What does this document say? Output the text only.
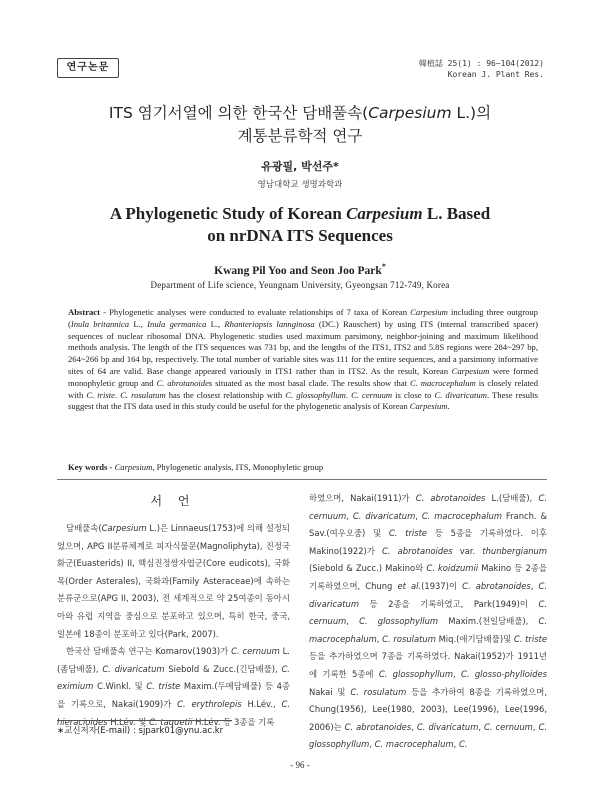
연구논문	韓植誌 25(1) : 96~104(2012)
Korean J. Plant Res.
ITS 염기서열에 의한 한국산 담배풀속(Carpesium L.)의
계통분류학적 연구
유광필, 박선주*
영남대학교 생명과학과
A Phylogenetic Study of Korean Carpesium L. Based
on nrDNA ITS Sequences
Kwang Pil Yoo and Seon Joo Park*
Department of Life science, Yeungnam University, Gyeongsan 712-749, Korea
Abstract - Phylogenetic analyses were conducted to evaluate relationships of 7 taxa of Korean Carpesium including three outgroup (Inula britannica L., Inula germanica L., Rhanteriopsis lannginosa (DC.) Rauschert) by using ITS (internal transcribed spacer) sequences of nuclear ribosomal DNA. Phylogenetic studies used maximum parsimony, neighbor-joining and maximum likelihood methods analysis. The length of the ITS sequences was 731 bp, and the lengths of the ITS1, ITS2 and 5.8S regions were 284~297 bp, 264~266 bp and 164 bp, respectively. The total number of variable sites was 111 for the entire sequences, and a parsimony informative sites of 64 are valid. Base change appeared variously in ITS1 rather than in ITS2. As the result, Korean Carpesium were formed monophyletic group and C. abrotanoides situated as the most basal clade. The results show that C. macrocephalum is closely related with C. triste. C. rosulatum has the closest relationship with C. glossophyllum. C. cernuum is close to C. divaricatum. These results suggest that the ITS data used in this study could be useful for the phylogenetic analysis of Korean Carpesium.
Key words - Carpesium, Phylogenetic analysis, ITS, Monophyletic group
서 언

담배풀속(Carpesium L.)은 Linnaeus(1753)에 의해 설정되었으며, APG II분류체계로 피자식물문(Magnoliphyta), 진정국화군(Euasterids) II, 핵심진정쌍자엽군(Core eudicots), 국화목(Order Asterales), 국화과(Family Asteraceae)에 속하는 분류군으로(APG II, 2003), 전 세계적으로 약 25여종이 동아시아와 유럽 지역을 중심으로 분포하고 있으며, 특히 한국, 중국, 일본에 18종이 분포하고 있다(Park, 2007).

한국산 담배풀속 연구는 Komarov(1903)가 C. cernuum L.(좀담배풀), C. divaricatum Siebold & Zucc.(긴담배풀), C. eximium C.Winkl. 및 C. triste Maxim.(두메담배풀) 등 4종을 기록으로, Nakai(1909)가 C. erythrolepis H.Lév., C. hieracioides H.Lév. 및 C. taquetii H.Lév. 등 3종을 기록

하였으며, Nakai(1911)가 C. abrotanoides L.(담배풀), C. cernuum, C. divaricatum, C. macrocephalum Franch. & Sav.(여우오줌) 및 C. triste 등 5종을 기록하였다. 이후 Makino(1922)가 C. abrotanoides var. thunbergianum (Siebold & Zucc.) Makino와 C. koidzumii Makino 등 2종을 기록하였으며, Chung et al.(1937)이 C. abrotanoides, C. divaricatum 등 2종을 기록하였고, Park(1949)이 C. cernuum, C. glossophyllum Maxim.(천일담배풀), C. macrocephalum, C. rosulatum Miq.(애기담배풀)및 C. triste 등을 추가하였으며 7종을 기록하였다. Nakai(1952)가 1911년에 기록한 5종에 C. glossophyllum, C. glosso-phylloides Nakai 및 C. rosulatum 등을 추가하여 8종을 기록하였으며, Chung(1956), Lee(1980, 2003), Lee(1996), Lee(1996, 2006)는 C. abrotanoides, C. divaricatum, C. cernuum, C. glossophyllum, C. macrocephalum, C.

∗교신저자(E-mail) : sjpark01@ynu.ac.kr
- 96 -
